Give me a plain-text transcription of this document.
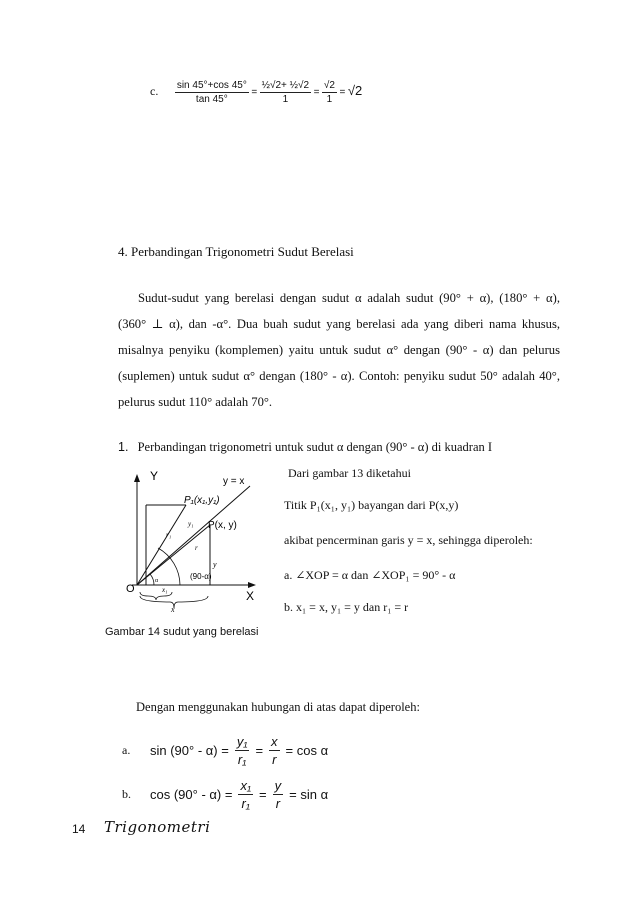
c. $\frac{\sin 45^\circ+\cos 45^\circ}{\tan 45^\circ} = \frac{\text{½√2+ ½√2}}{1} = \frac{√2}{1} = √2$
4. Perbandingan Trigonometri Sudut Berelasi
Sudut-sudut yang berelasi dengan sudut α adalah sudut (90° + α), (180° + α),
(360° ⊥ α), dan -α°. Dua buah sudut yang berelasi ada yang diberi nama khusus,
misalnya penyiku (komplemen) yaitu untuk sudut α° dengan (90° - α) dan pelurus
(suplemen) untuk sudut α° dengan (180° - α). Contoh: penyiku sudut 50° adalah 40°,
pelurus sudut 110° adalah 70°.
1. Perbandingan trigonometri untuk sudut α dengan (90° - α) di kuadran I
Y
X
O
y = x
P₁(x₁,y₁)
P(x, y)
r₁
r
y₁
y
x₁
x
α	(90-α)
Gambar 14 sudut yang berelasi
Dari gambar 13 diketahui
Titik P₁(x₁, y₁) bayangan dari P(x,y)
akibat pencerminan garis y = x, sehingga diperoleh:
a. ∠XOP = α dan ∠XOP₁ = 90° - α
b. x₁ = x, y₁ = y dan r₁ = r
Dengan menggunakan hubungan di atas dapat diperoleh:
a.	$\sin (90^\circ - \alpha) = \frac{\text{y₁}}{\text{r₁}} = \frac{x}{r} = \cos \alpha$
b.	$\cos (90^\circ - \alpha) = \frac{\text{x₁}}{\text{r₁}} = \frac{y}{r} = \sin \alpha$
14 Trigonometri
